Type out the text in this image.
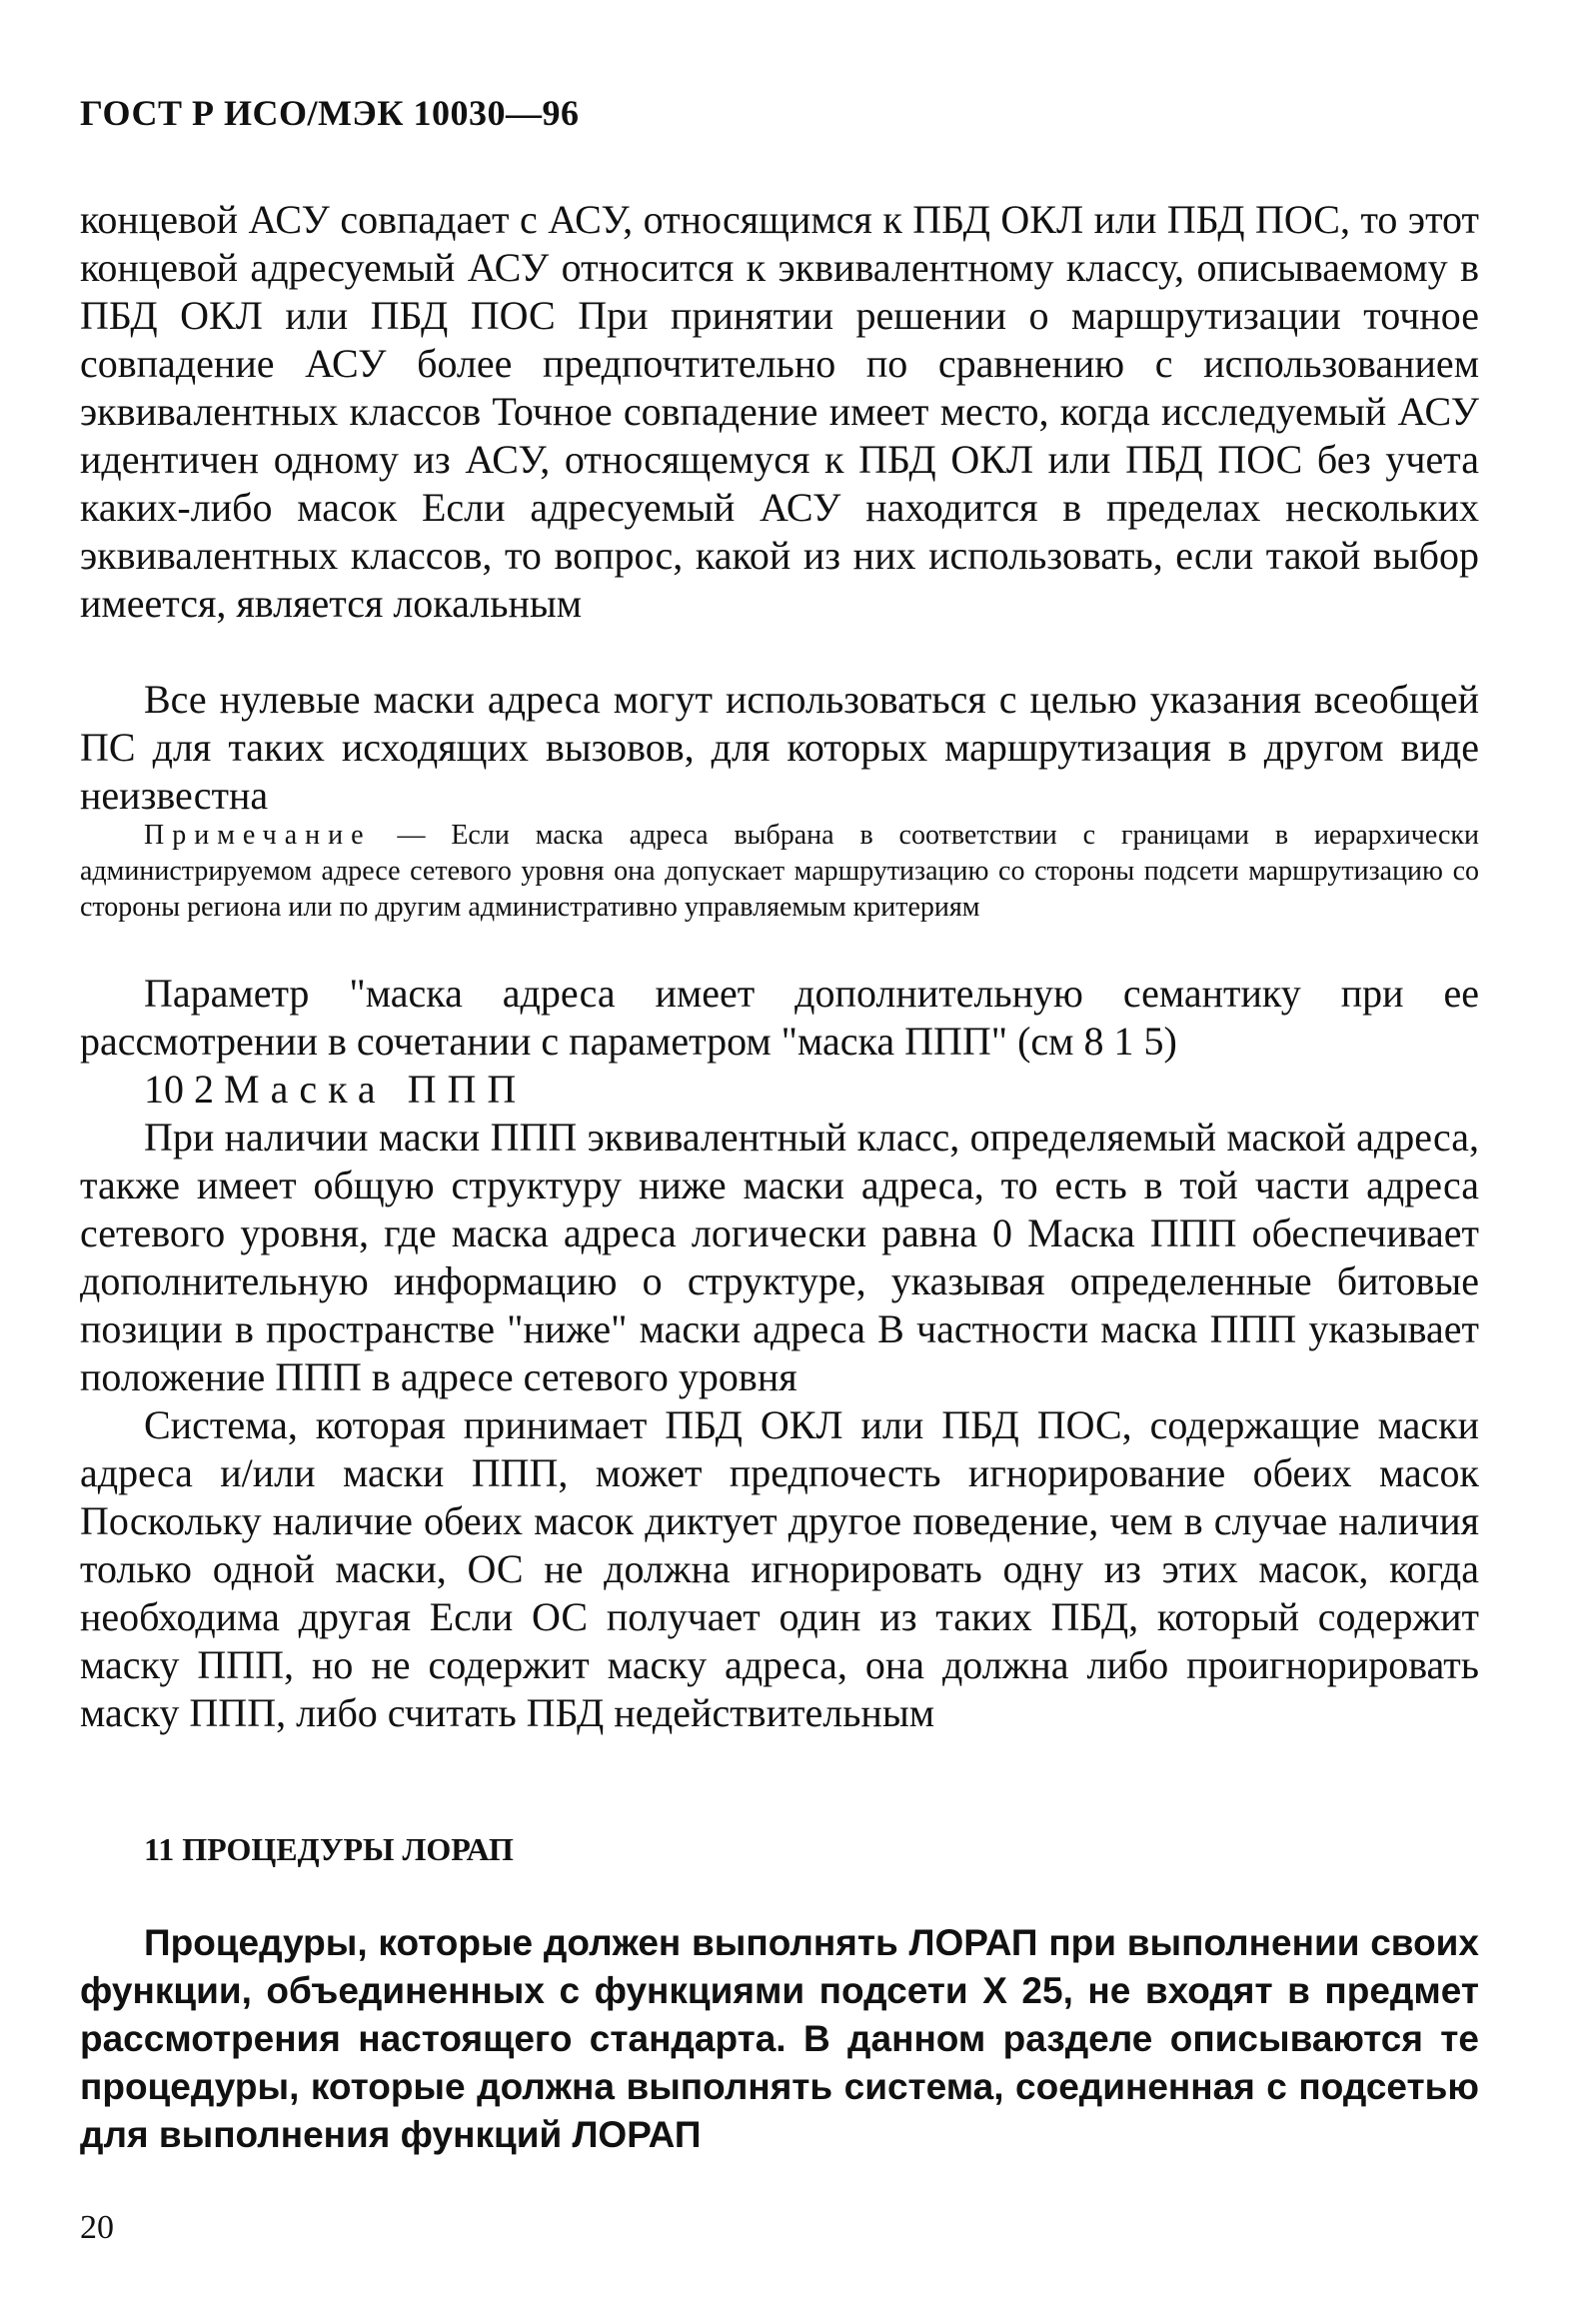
ГОСТ Р ИСО/МЭК 10030—96

концевой АСУ совпадает с АСУ, относящимся к ПБД ОКЛ или ПБД ПОС, то этот концевой адресуемый АСУ относится к эквивалентному классу, описываемому в ПБД ОКЛ или ПБД ПОС При принятии решении о маршрутизации точное совпадение АСУ более предпочтительно по сравнению с использованием эквивалентных классов Точное совпадение имеет место, когда исследуемый АСУ идентичен одному из АСУ, относящемуся к ПБД ОКЛ или ПБД ПОС без учета каких-либо масок Если адресуемый АСУ находится в пределах нескольких эквивалентных классов, то вопрос, какой из них использовать, если такой выбор имеется, является локальным

Все нулевые маски адреса могут использоваться с целью указания всеобщей ПС для таких исходящих вызовов, для которых маршрутизация в другом виде неизвестна

Примечание — Если маска адреса выбрана в соответствии с границами в иерархически администрируемом адресе сетевого уровня она допускает маршрутизацию со стороны подсети маршрутизацию со стороны региона или по другим административно управляемым критериям

Параметр "маска адреса имеет дополнительную семантику при ее рассмотрении в сочетании с параметром "маска ППП" (см 8 1 5)

10 2 Маска ППП

При наличии маски ППП эквивалентный класс, определяемый маской адреса, также имеет общую структуру ниже маски адреса, то есть в той части адреса сетевого уровня, где маска адреса логически равна 0 Маска ППП обеспечивает дополнительную информацию о структуре, указывая определенные битовые позиции в пространстве "ниже" маски адреса В частности маска ППП указывает положение ППП в адресе сетевого уровня

Система, которая принимает ПБД ОКЛ или ПБД ПОС, содержащие маски адреса и/или маски ППП, может предпочесть игнорирование обеих масок Поскольку наличие обеих масок диктует другое поведение, чем в случае наличия только одной маски, ОС не должна игнорировать одну из этих масок, когда необходима другая Если ОС получает один из таких ПБД, который содержит маску ППП, но не содержит маску адреса, она должна либо проигнорировать маску ППП, либо считать ПБД недействительным

11 ПРОЦЕДУРЫ ЛОРАП

Процедуры, которые должен выполнять ЛОРАП при выполнении своих функции, объединенных с функциями подсети X 25, не входят в предмет рассмотрения настоящего стандарта. В данном разделе описываются те процедуры, которые должна выполнять система, соединенная с подсетью для выполнения функций ЛОРАП

20
